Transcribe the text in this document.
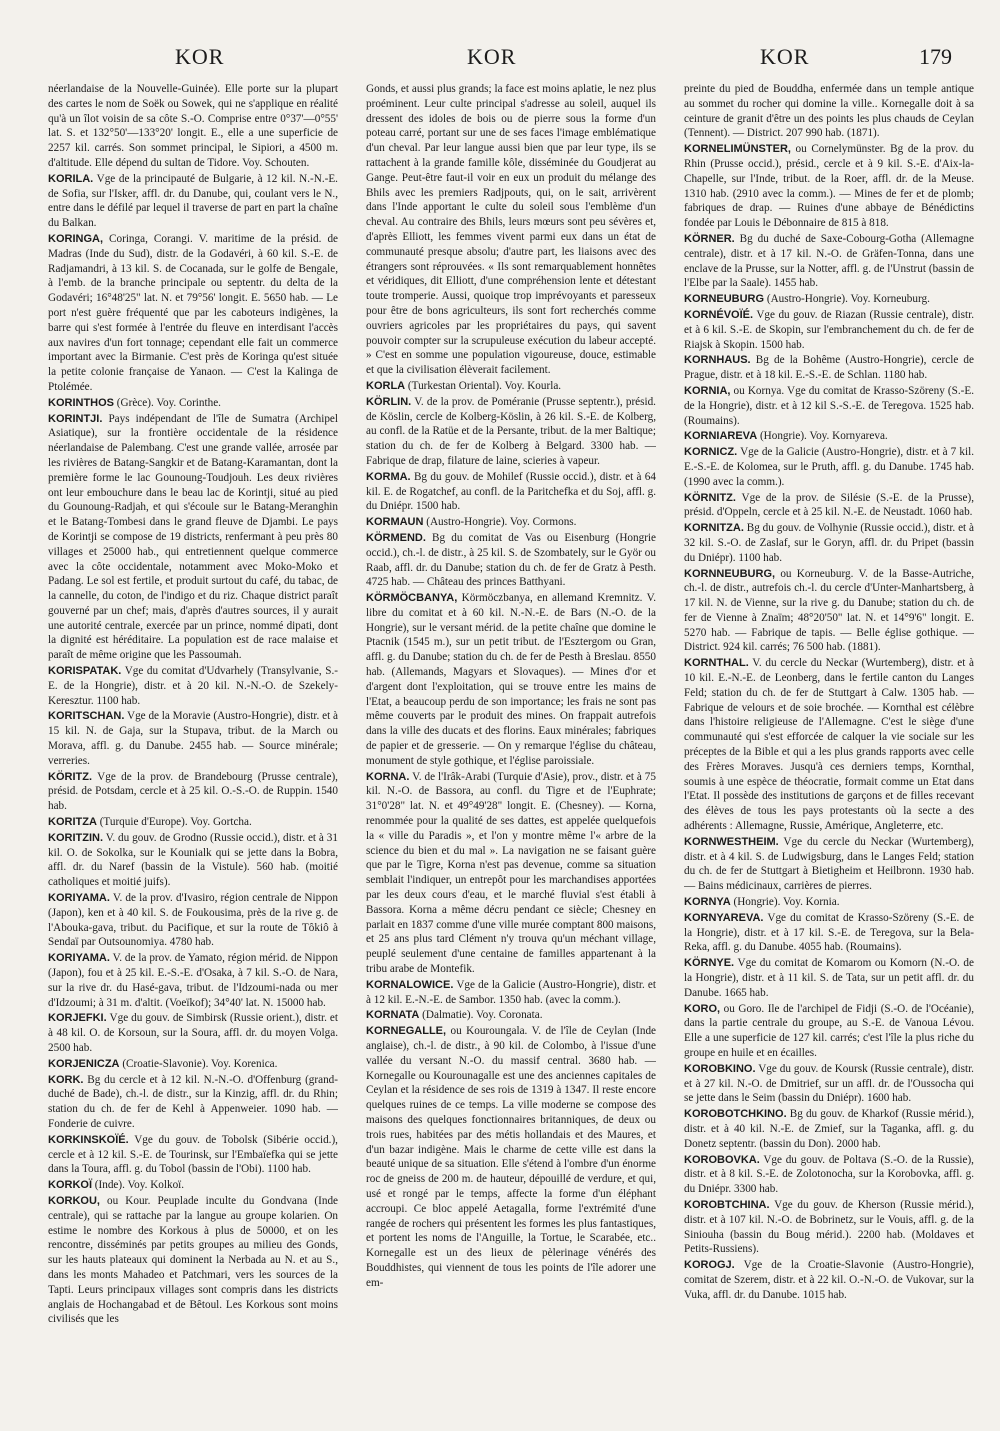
KOR	KOR	KOR	179

néerlandaise de la Nouvelle-Guinée). Elle porte sur la plupart des cartes le nom de Soëk ou Sowek, qui ne s'applique en réalité qu'à un îlot voisin de sa côte S.-O. Comprise entre 0°37'—0°55' lat. S. et 132°50'—133°20' longit. E., elle a une superficie de 2257 kil. carrés. Son sommet principal, le Sipiori, a 4500 m. d'altitude. Elle dépend du sultan de Tidore. Voy. Schouten.

KORILA. Vge de la principauté de Bulgarie, à 12 kil. N.-N.-E. de Sofia, sur l'Isker, affl. dr. du Danube, qui, coulant vers le N., entre dans le défilé par lequel il traverse de part en part la chaîne du Balkan.

KORINGA, Coringa, Corangi. V. maritime de la présid. de Madras (Inde du Sud), distr. de la Godavéri, à 60 kil. S.-E. de Radjamandri, à 13 kil. S. de Cocanada, sur le golfe de Bengale, à l'emb. de la branche principale ou septentr. du delta de la Godavéri; 16°48'25" lat. N. et 79°56' longit. E. 5650 hab. — Le port n'est guère fréquenté que par les caboteurs indigènes, la barre qui s'est formée à l'entrée du fleuve en interdisant l'accès aux navires d'un fort tonnage; cependant elle fait un commerce important avec la Birmanie. C'est près de Koringa qu'est située la petite colonie française de Yanaon. — C'est la Kalinga de Ptolémée.

KORINTHOS (Grèce). Voy. Corinthe.

KORINTJI. Pays indépendant de l'île de Sumatra (Archipel Asiatique), sur la frontière occidentale de la résidence néerlandaise de Palembang. C'est une grande vallée, arrosée par les rivières de Batang-Sangkir et de Batang-Karamantan, dont la première forme le lac Gounoung-Toudjouh. Les deux rivières ont leur embouchure dans le beau lac de Korintji, situé au pied du Gounoung-Radjah, et qui s'écoule sur le Batang-Meranghin et le Batang-Tombesi dans le grand fleuve de Djambi. Le pays de Korintji se compose de 19 districts, renfermant à peu près 80 villages et 25000 hab., qui entretiennent quelque commerce avec la côte occidentale, notamment avec Moko-Moko et Padang. Le sol est fertile, et produit surtout du café, du tabac, de la cannelle, du coton, de l'indigo et du riz. Chaque district paraît gouverné par un chef; mais, d'après d'autres sources, il y aurait une autorité centrale, exercée par un prince, nommé dipati, dont la dignité est héréditaire. La population est de race malaise et paraît de même origine que les Passoumah.

KORISPATAK. Vge du comitat d'Udvarhely (Transylvanie, S.-E. de la Hongrie), distr. et à 20 kil. N.-N.-O. de Szekely-Keresztur. 1100 hab.

KORITSCHAN. Vge de la Moravie (Austro-Hongrie), distr. et à 15 kil. N. de Gaja, sur la Stupava, tribut. de la March ou Morava, affl. g. du Danube. 2455 hab. — Source minérale; verreries.

KÖRITZ. Vge de la prov. de Brandebourg (Prusse centrale), présid. de Potsdam, cercle et à 25 kil. O.-S.-O. de Ruppin. 1540 hab.

KORITZA (Turquie d'Europe). Voy. Gortcha.

KORITZIN. V. du gouv. de Grodno (Russie occid.), distr. et à 31 kil. O. de Sokolka, sur le Kounialk qui se jette dans la Bobra, affl. dr. du Naref (bassin de la Vistule). 560 hab. (moitié catholiques et moitié juifs).

KORIYAMA. V. de la prov. d'Ivasiro, région centrale de Nippon (Japon), ken et à 40 kil. S. de Foukousima, près de la rive g. de l'Abouka-gava, tribut. du Pacifique, et sur la route de Tôkiô à Sendaï par Outsounomiya. 4780 hab.

KORIYAMA. V. de la prov. de Yamato, région mérid. de Nippon (Japon), fou et à 25 kil. E.-S.-E. d'Osaka, à 7 kil. S.-O. de Nara, sur la rive dr. du Hasé-gava, tribut. de l'Idzoumi-nada ou mer d'Idzoumi; à 31 m. d'altit. (Voeïkof); 34°40' lat. N. 15000 hab.

KORJEFKI. Vge du gouv. de Simbirsk (Russie orient.), distr. et à 48 kil. O. de Korsoun, sur la Soura, affl. dr. du moyen Volga. 2500 hab.

KORJENICZA (Croatie-Slavonie). Voy. Korenica.

KORK. Bg du cercle et à 12 kil. N.-N.-O. d'Offenburg (grand-duché de Bade), ch.-l. de distr., sur la Kinzig, affl. dr. du Rhin; station du ch. de fer de Kehl à Appenweier. 1090 hab. — Fonderie de cuivre.

KORKINSKOÏÉ. Vge du gouv. de Tobolsk (Sibérie occid.), cercle et à 12 kil. S.-E. de Tourinsk, sur l'Embaïefka qui se jette dans la Toura, affl. g. du Tobol (bassin de l'Obi). 1100 hab.

KORKOÏ (Inde). Voy. Kolkoï.

KORKOU, ou Kour. Peuplade inculte du Gondvana (Inde centrale), qui se rattache par la langue au groupe kolarien. On estime le nombre des Korkous à plus de 50000, et on les rencontre, disséminés par petits groupes au milieu des Gonds, sur les hauts plateaux qui dominent la Nerbada au N. et au S., dans les monts Mahadeo et Patchmari, vers les sources de la Tapti. Leurs principaux villages sont compris dans les districts anglais de Hochangabad et de Bêtoul. Les Korkous sont moins civilisés que les

Gonds, et aussi plus grands; la face est moins aplatie, le nez plus proéminent. Leur culte principal s'adresse au soleil, auquel ils dressent des idoles de bois ou de pierre sous la forme d'un poteau carré, portant sur une de ses faces l'image emblématique d'un cheval. Par leur langue aussi bien que par leur type, ils se rattachent à la grande famille kôle, disséminée du Goudjerat au Gange. Peut-être faut-il voir en eux un produit du mélange des Bhils avec les premiers Radjpouts, qui, on le sait, arrivèrent dans l'Inde apportant le culte du soleil sous l'emblème d'un cheval. Au contraire des Bhils, leurs mœurs sont peu sévères et, d'après Elliott, les femmes vivent parmi eux dans un état de communauté presque absolu; d'autre part, les liaisons avec des étrangers sont réprouvées. « Ils sont remarquablement honnêtes et véridiques, dit Elliott, d'une compréhension lente et détestant toute tromperie. Aussi, quoique trop imprévoyants et paresseux pour être de bons agriculteurs, ils sont fort recherchés comme ouvriers agricoles par les propriétaires du pays, qui savent pouvoir compter sur la scrupuleuse exécution du labeur accepté. » C'est en somme une population vigoureuse, douce, estimable et que la civilisation élèverait facilement.

KORLA (Turkestan Oriental). Voy. Kourla.

KÖRLIN. V. de la prov. de Poméranie (Prusse septentr.), présid. de Köslin, cercle de Kolberg-Köslin, à 26 kil. S.-E. de Kolberg, au confl. de la Ratüe et de la Persante, tribut. de la mer Baltique; station du ch. de fer de Kolberg à Belgard. 3300 hab. — Fabrique de drap, filature de laine, scieries à vapeur.

KORMA. Bg du gouv. de Mohilef (Russie occid.), distr. et à 64 kil. E. de Rogatchef, au confl. de la Paritchefka et du Soj, affl. g. du Dniépr. 1500 hab.

KORMAUN (Austro-Hongrie). Voy. Cormons.

KÖRMEND. Bg du comitat de Vas ou Eisenburg (Hongrie occid.), ch.-l. de distr., à 25 kil. S. de Szombately, sur le Györ ou Raab, affl. dr. du Danube; station du ch. de fer de Gratz à Pesth. 4725 hab. — Château des princes Batthyani.

KÖRMÖCBANYA, Körmöczbanya, en allemand Kremnitz. V. libre du comitat et à 60 kil. N.-N.-E. de Bars (N.-O. de la Hongrie), sur le versant mérid. de la petite chaîne que domine le Ptacnik (1545 m.), sur un petit tribut. de l'Esztergom ou Gran, affl. g. du Danube; station du ch. de fer de Pesth à Breslau. 8550 hab. (Allemands, Magyars et Slovaques). — Mines d'or et d'argent dont l'exploitation, qui se trouve entre les mains de l'Etat, a beaucoup perdu de son importance; les frais ne sont pas même couverts par le produit des mines. On frappait autrefois dans la ville des ducats et des florins. Eaux minérales; fabriques de papier et de gresserie. — On y remarque l'église du château, monument de style gothique, et l'église paroissiale.

KORNA. V. de l'Irâk-Arabi (Turquie d'Asie), prov., distr. et à 75 kil. N.-O. de Bassora, au confl. du Tigre et de l'Euphrate; 31°0'28" lat. N. et 49°49'28" longit. E. (Chesney). — Korna, renommée pour la qualité de ses dattes, est appelée quelquefois la « ville du Paradis », et l'on y montre même l'« arbre de la science du bien et du mal ». La navigation ne se faisant guère que par le Tigre, Korna n'est pas devenue, comme sa situation semblait l'indiquer, un entrepôt pour les marchandises apportées par les deux cours d'eau, et le marché fluvial s'est établi à Bassora. Korna a même décru pendant ce siècle; Chesney en parlait en 1837 comme d'une ville murée comptant 800 maisons, et 25 ans plus tard Clément n'y trouva qu'un méchant village, peuplé seulement d'une centaine de familles appartenant à la tribu arabe de Montefik.

KORNALOWICE. Vge de la Galicie (Austro-Hongrie), distr. et à 12 kil. E.-N.-E. de Sambor. 1350 hab. (avec la comm.).

KORNATA (Dalmatie). Voy. Coronata.

KORNEGALLE, ou Kouroungala. V. de l'île de Ceylan (Inde anglaise), ch.-l. de distr., à 90 kil. de Colombo, à l'issue d'une vallée du versant N.-O. du massif central. 3680 hab. — Kornegalle ou Kourounagalle est une des anciennes capitales de Ceylan et la résidence de ses rois de 1319 à 1347. Il reste encore quelques ruines de ce temps. La ville moderne se compose des maisons des quelques fonctionnaires britanniques, de deux ou trois rues, habitées par des métis hollandais et des Maures, et d'un bazar indigène. Mais le charme de cette ville est dans la beauté unique de sa situation. Elle s'étend à l'ombre d'un énorme roc de gneiss de 200 m. de hauteur, dépouillé de verdure, et qui, usé et rongé par le temps, affecte la forme d'un éléphant accroupi. Ce bloc appelé Aetagalla, forme l'extrémité d'une rangée de rochers qui présentent les formes les plus fantastiques, et portent les noms de l'Anguille, la Tortue, le Scarabée, etc.. Kornegalle est un des lieux de pèlerinage vénérés des Bouddhistes, qui viennent de tous les points de l'île adorer une em-

preinte du pied de Bouddha, enfermée dans un temple antique au sommet du rocher qui domine la ville.. Kornegalle doit à sa ceinture de granit d'être un des points les plus chauds de Ceylan (Tennent). — District. 207 990 hab. (1871).

KORNELIMÜNSTER, ou Cornelymünster. Bg de la prov. du Rhin (Prusse occid.), présid., cercle et à 9 kil. S.-E. d'Aix-la-Chapelle, sur l'Inde, tribut. de la Roer, affl. dr. de la Meuse. 1310 hab. (2910 avec la comm.). — Mines de fer et de plomb; fabriques de drap. — Ruines d'une abbaye de Bénédictins fondée par Louis le Débonnaire de 815 à 818.

KÖRNER. Bg du duché de Saxe-Cobourg-Gotha (Allemagne centrale), distr. et à 17 kil. N.-O. de Gräfen-Tonna, dans une enclave de la Prusse, sur la Notter, affl. g. de l'Unstrut (bassin de l'Elbe par la Saale). 1455 hab.

KORNEUBURG (Austro-Hongrie). Voy. Korneuburg.

KORNÉVOÏÉ. Vge du gouv. de Riazan (Russie centrale), distr. et à 6 kil. S.-E. de Skopin, sur l'embranchement du ch. de fer de Riajsk à Skopin. 1500 hab.

KORNHAUS. Bg de la Bohême (Austro-Hongrie), cercle de Prague, distr. et à 18 kil. E.-S.-E. de Schlan. 1180 hab.

KORNIA, ou Kornya. Vge du comitat de Krasso-Szöreny (S.-E. de la Hongrie), distr. et à 12 kil S.-S.-E. de Teregova. 1525 hab. (Roumains).

KORNIAREVA (Hongrie). Voy. Kornyareva.

KORNICZ. Vge de la Galicie (Austro-Hongrie), distr. et à 7 kil. E.-S.-E. de Kolomea, sur le Pruth, affl. g. du Danube. 1745 hab. (1990 avec la comm.).

KÖRNITZ. Vge de la prov. de Silésie (S.-E. de la Prusse), présid. d'Oppeln, cercle et à 25 kil. N.-E. de Neustadt. 1060 hab.

KORNITZA. Bg du gouv. de Volhynie (Russie occid.), distr. et à 32 kil. S.-O. de Zaslaf, sur le Goryn, affl. dr. du Pripet (bassin du Dniépr). 1100 hab.

KORNNEUBURG, ou Korneuburg. V. de la Basse-Autriche, ch.-l. de distr., autrefois ch.-l. du cercle d'Unter-Manhartsberg, à 17 kil. N. de Vienne, sur la rive g. du Danube; station du ch. de fer de Vienne à Znaïm; 48°20'50" lat. N. et 14°9'6" longit. E. 5270 hab. — Fabrique de tapis. — Belle église gothique. — District. 924 kil. carrés; 76 500 hab. (1881).

KORNTHAL. V. du cercle du Neckar (Wurtemberg), distr. et à 10 kil. E.-N.-E. de Leonberg, dans le fertile canton du Langes Feld; station du ch. de fer de Stuttgart à Calw. 1305 hab. — Fabrique de velours et de soie brochée. — Kornthal est célèbre dans l'histoire religieuse de l'Allemagne. C'est le siège d'une communauté qui s'est efforcée de calquer la vie sociale sur les préceptes de la Bible et qui a les plus grands rapports avec celle des Frères Moraves. Jusqu'à ces derniers temps, Kornthal, soumis à une espèce de théocratie, formait comme un Etat dans l'Etat. Il possède des institutions de garçons et de filles recevant des élèves de tous les pays protestants où la secte a des adhérents : Allemagne, Russie, Amérique, Angleterre, etc.

KORNWESTHEIM. Vge du cercle du Neckar (Wurtemberg), distr. et à 4 kil. S. de Ludwigsburg, dans le Langes Feld; station du ch. de fer de Stuttgart à Bietigheim et Heilbronn. 1930 hab. — Bains médicinaux, carrières de pierres.

KORNYA (Hongrie). Voy. Kornia.

KORNYAREVA. Vge du comitat de Krasso-Szöreny (S.-E. de la Hongrie), distr. et à 17 kil. S.-E. de Teregova, sur la Bela-Reka, affl. g. du Danube. 4055 hab. (Roumains).

KÖRNYE. Vge du comitat de Komarom ou Komorn (N.-O. de la Hongrie), distr. et à 11 kil. S. de Tata, sur un petit affl. dr. du Danube. 1665 hab.

KORO, ou Goro. Ile de l'archipel de Fidji (S.-O. de l'Océanie), dans la partie centrale du groupe, au S.-E. de Vanoua Lévou. Elle a une superficie de 127 kil. carrés; c'est l'île la plus riche du groupe en huile et en écailles.

KOROBKINO. Vge du gouv. de Koursk (Russie centrale), distr. et à 27 kil. N.-O. de Dmitrief, sur un affl. dr. de l'Oussocha qui se jette dans le Seim (bassin du Dniépr). 1600 hab.

KOROBOTCHKINO. Bg du gouv. de Kharkof (Russie mérid.), distr. et à 40 kil. N.-E. de Zmief, sur la Taganka, affl. g. du Donetz septentr. (bassin du Don). 2000 hab.

KOROBOVKA. Vge du gouv. de Poltava (S.-O. de la Russie), distr. et à 8 kil. S.-E. de Zolotonocha, sur la Korobovka, affl. g. du Dniépr. 3300 hab.

KOROBTCHINA. Vge du gouv. de Kherson (Russie mérid.), distr. et à 107 kil. N.-O. de Bobrinetz, sur le Vouis, affl. g. de la Siniouha (bassin du Boug mérid.). 2200 hab. (Moldaves et Petits-Russiens).

KOROGJ. Vge de la Croatie-Slavonie (Austro-Hongrie), comitat de Szerem, distr. et à 22 kil. O.-N.-O. de Vukovar, sur la Vuka, affl. dr. du Danube. 1015 hab.
